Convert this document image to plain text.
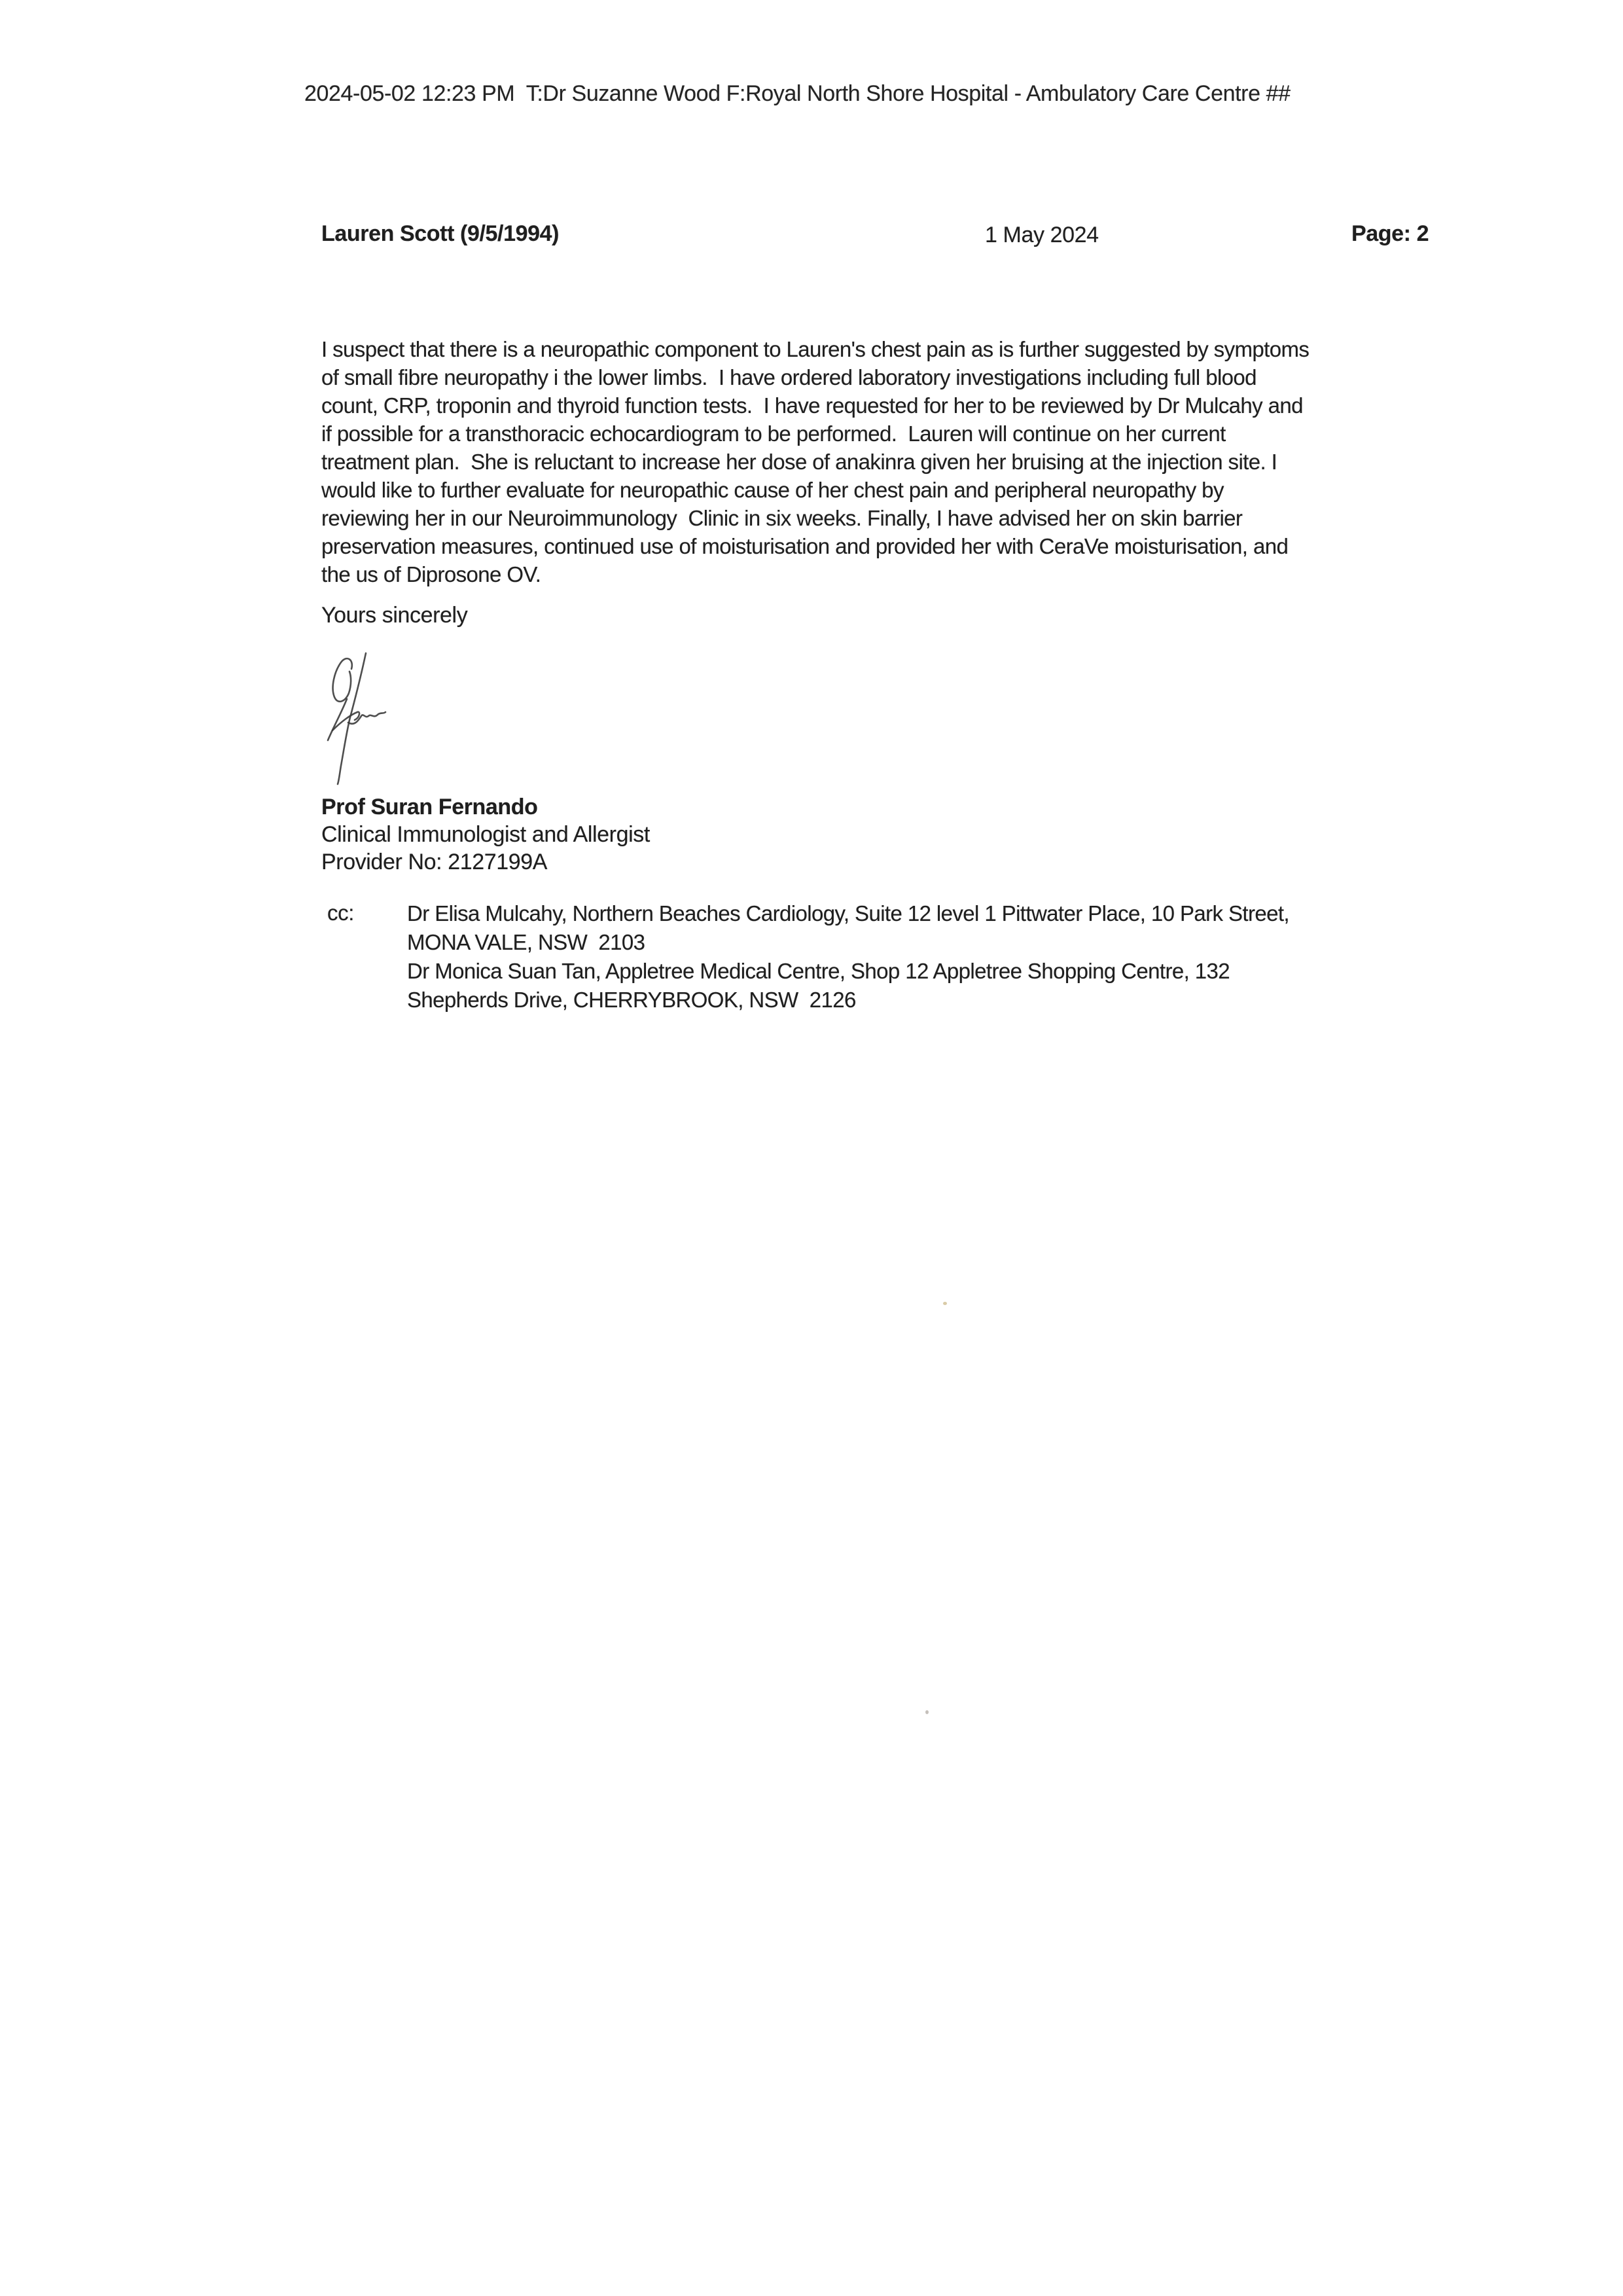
2024-05-02 12:23 PM  T:Dr Suzanne Wood F:Royal North Shore Hospital - Ambulatory Care Centre ##
Lauren Scott (9/5/1994)	1 May 2024	Page: 2
I suspect that there is a neuropathic component to Lauren's chest pain as is further suggested by symptoms
of small fibre neuropathy i the lower limbs.  I have ordered laboratory investigations including full blood
count, CRP, troponin and thyroid function tests.  I have requested for her to be reviewed by Dr Mulcahy and
if possible for a transthoracic echocardiogram to be performed.  Lauren will continue on her current
treatment plan.  She is reluctant to increase her dose of anakinra given her bruising at the injection site. I
would like to further evaluate for neuropathic cause of her chest pain and peripheral neuropathy by
reviewing her in our Neuroimmunology  Clinic in six weeks. Finally, I have advised her on skin barrier
preservation measures, continued use of moisturisation and provided her with CeraVe moisturisation, and
the us of Diprosone OV.
Yours sincerely
Prof Suran Fernando
Clinical Immunologist and Allergist
Provider No: 2127199A
cc: Dr Elisa Mulcahy, Northern Beaches Cardiology, Suite 12 level 1 Pittwater Place, 10 Park Street,
MONA VALE, NSW  2103
Dr Monica Suan Tan, Appletree Medical Centre, Shop 12 Appletree Shopping Centre, 132
Shepherds Drive, CHERRYBROOK, NSW  2126
